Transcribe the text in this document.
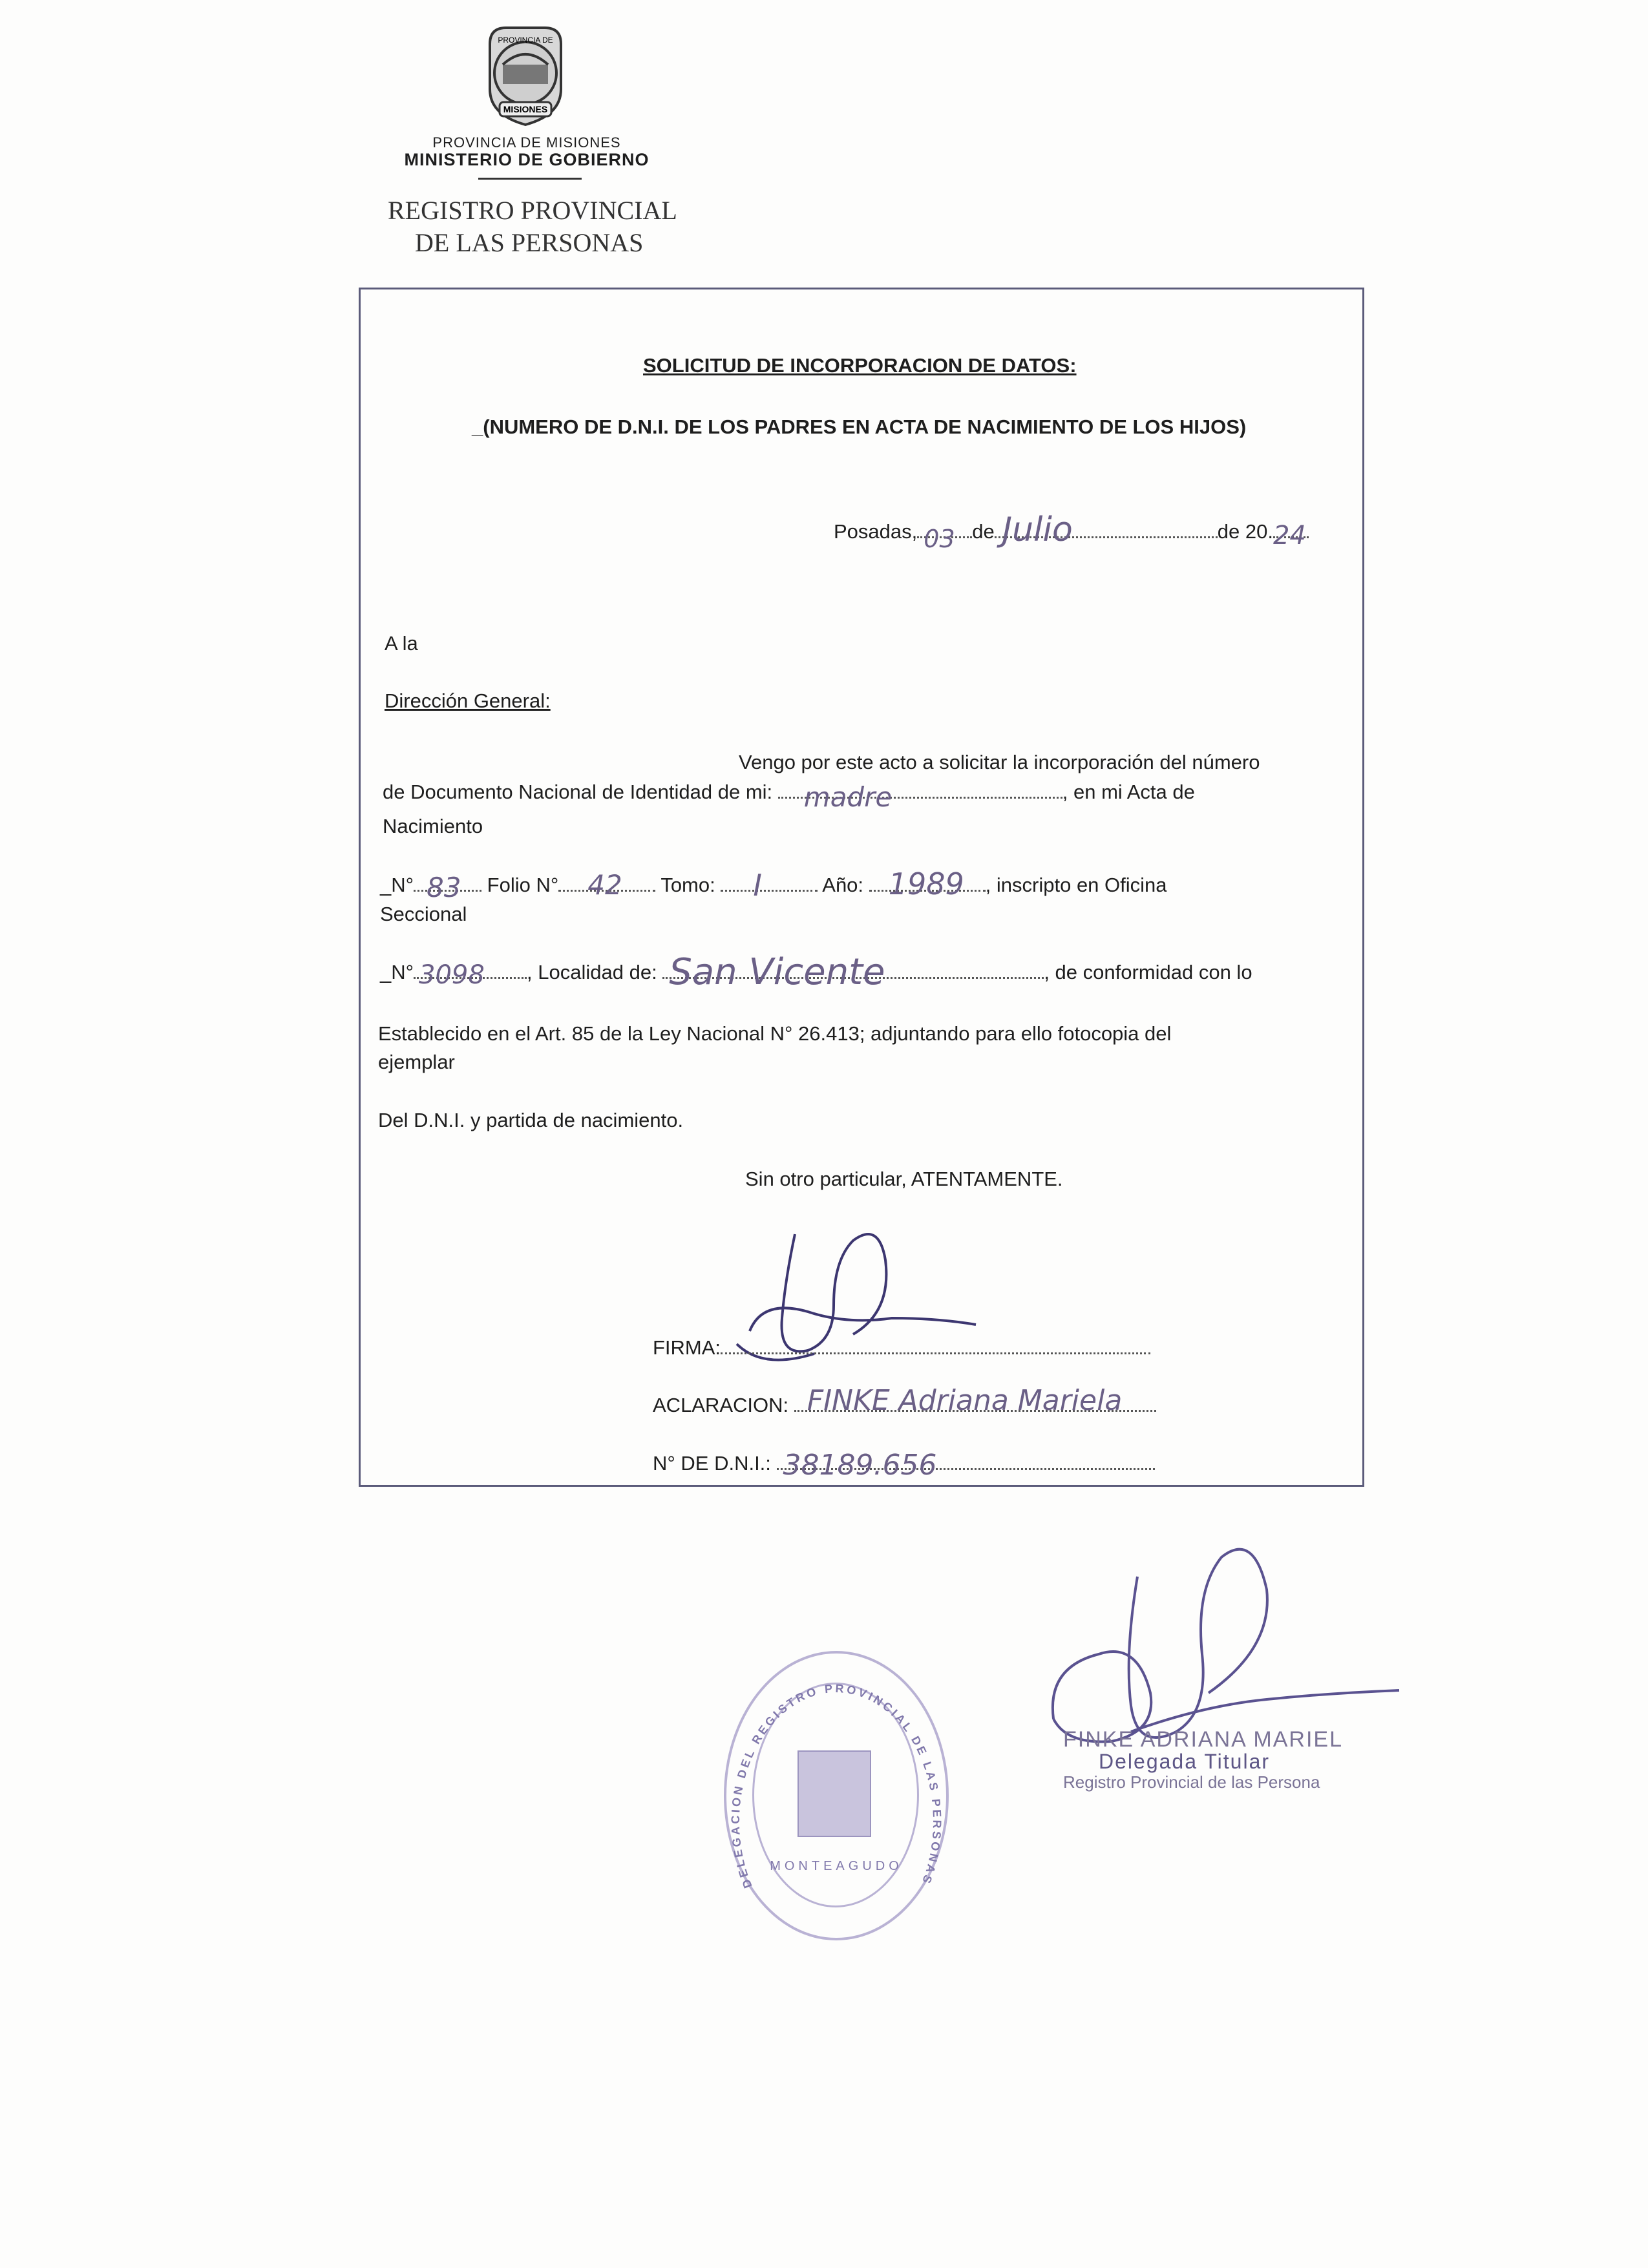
PROVINCIA DE
MISIONES
PROVINCIA DE MISIONES
MINISTERIO DE GOBIERNO
REGISTRO PROVINCIAL
DE LAS PERSONAS
SOLICITUD DE INCORPORACION DE DATOS:
_(NUMERO DE D.N.I. DE LOS PADRES EN ACTA DE NACIMIENTO DE LOS HIJOS)
Posadas, 03 de Julio	de 20. 24
A la
Dirección General:
Vengo por este acto a solicitar la incorporación del número
de Documento Nacional de Identidad de mi: madre	, en mi Acta de
Nacimiento
_N° 83 Folio N° 42 Tomo: I	Año: 1989 , inscripto en Oficina
Seccional
_N° 3098 , Localidad de: San Vicente	, de conformidad con lo
Establecido en el Art. 85 de la Ley Nacional N° 26.413; adjuntando para ello fotocopia del
ejemplar
Del D.N.I. y partida de nacimiento.
Sin otro particular, ATENTAMENTE.
FIRMA:
ACLARACION: FINKE Adriana Mariela
N° DE D.N.I.: 38189.656
DELEGACION DEL REGISTRO PROVINCIAL DE LAS PERSONAS
MONTEAGUDO
FINKE ADRIANA MARIEL
Delegada Titular
Registro Provincial de las Persona
